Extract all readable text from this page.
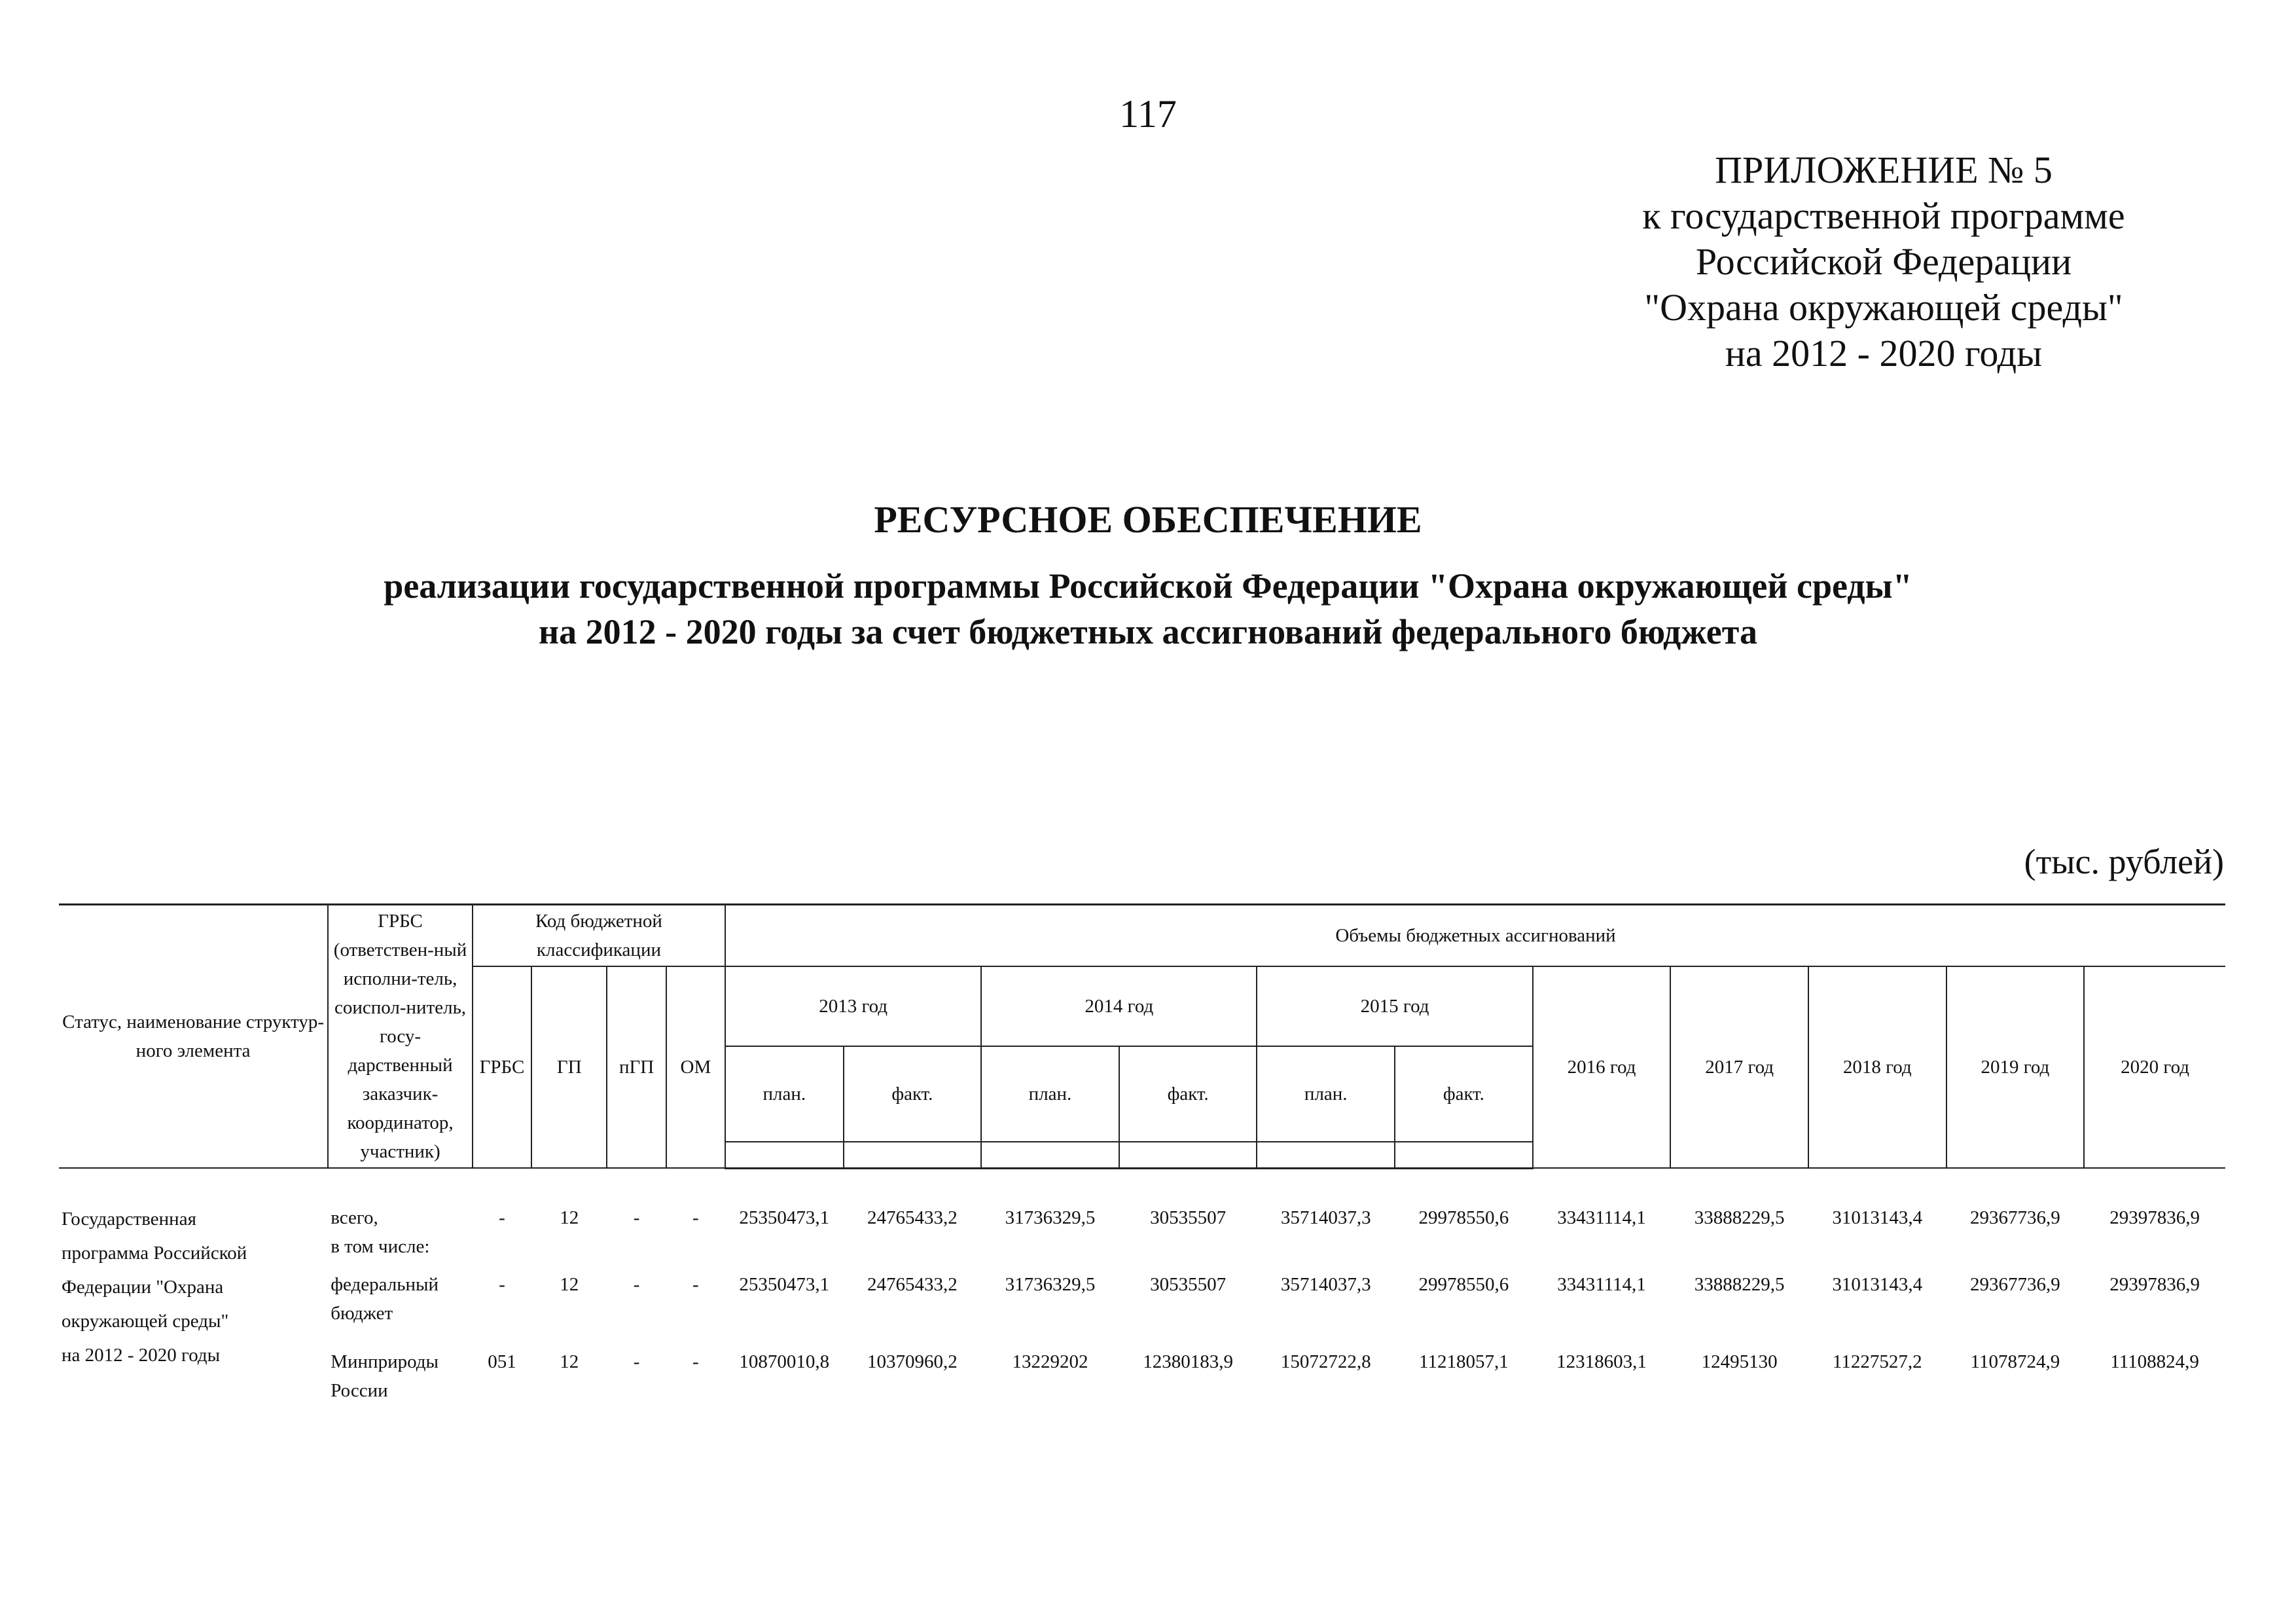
117
ПРИЛОЖЕНИЕ № 5
к государственной программе
Российской Федерации
"Охрана окружающей среды"
на 2012 - 2020 годы
РЕСУРСНОЕ ОБЕСПЕЧЕНИЕ
реализации государственной программы Российской Федерации "Охрана окружающей среды"
на 2012 - 2020 годы за счет бюджетных ассигнований федерального бюджета
(тыс. рублей)
Статус, наименование структур-ного элемента	ГРБС (ответствен-ный исполни-тель, соиспол-нитель, госу-дарственный заказчик-координатор, участник)	Код бюджетной классификации				Объемы бюджетных ассигнований										
		ГРБС	ГП	пГП	ОМ	2013 год		2014 год		2015 год		2016 год	2017 год	2018 год	2019 год	2020 год
						план.	факт.	план.	факт.	план.	факт.					

Государственная
программа Российской
Федерации "Охрана
окружающей среды"
на 2012 - 2020 годы	всего,	-	12	-	-	25350473,1	24765433,2	31736329,5	30535507	35714037,3	29978550,6	33431114,1	33888229,5	31013143,4	29367736,9	29397836,9
	в том числе:															
	федеральный бюджет	-	12	-	-	25350473,1	24765433,2	31736329,5	30535507	35714037,3	29978550,6	33431114,1	33888229,5	31013143,4	29367736,9	29397836,9
	Минприроды России	051	12	-	-	10870010,8	10370960,2	13229202	12380183,9	15072722,8	11218057,1	12318603,1	12495130	11227527,2	11078724,9	11108824,9
